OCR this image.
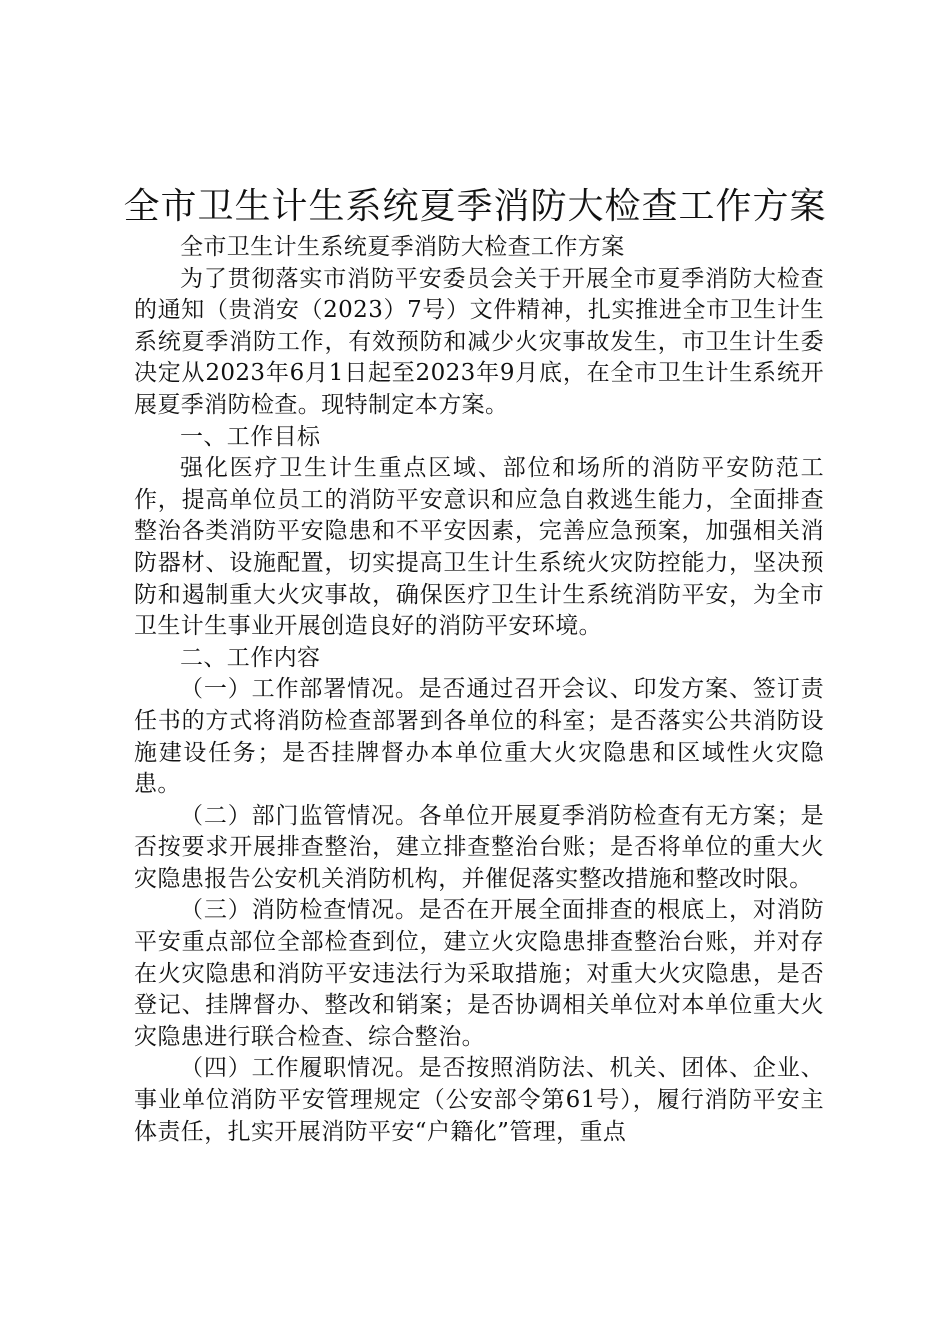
全市卫生计生系统夏季消防大检查工作方案

全市卫生计生系统夏季消防大检查工作方案

为了贯彻落实市消防平安委员会关于开展全市夏季消防大检查的通知（贵消安（2023）7号）文件精神，扎实推进全市卫生计生系统夏季消防工作，有效预防和减少火灾事故发生，市卫生计生委决定从2023年6月1日起至2023年9月底，在全市卫生计生系统开展夏季消防检查。现特制定本方案。

一、工作目标

强化医疗卫生计生重点区域、部位和场所的消防平安防范工作，提高单位员工的消防平安意识和应急自救逃生能力，全面排查整治各类消防平安隐患和不平安因素，完善应急预案，加强相关消防器材、设施配置，切实提高卫生计生系统火灾防控能力，坚决预防和遏制重大火灾事故，确保医疗卫生计生系统消防平安，为全市卫生计生事业开展创造良好的消防平安环境。

二、工作内容

（一）工作部署情况。是否通过召开会议、印发方案、签订责任书的方式将消防检查部署到各单位的科室；是否落实公共消防设施建设任务；是否挂牌督办本单位重大火灾隐患和区域性火灾隐患。

（二）部门监管情况。各单位开展夏季消防检查有无方案；是否按要求开展排查整治，建立排查整治台账；是否将单位的重大火灾隐患报告公安机关消防机构，并催促落实整改措施和整改时限。

（三）消防检查情况。是否在开展全面排查的根底上，对消防平安重点部位全部检查到位，建立火灾隐患排查整治台账，并对存在火灾隐患和消防平安违法行为采取措施；对重大火灾隐患，是否登记、挂牌督办、整改和销案；是否协调相关单位对本单位重大火灾隐患进行联合检查、综合整治。

（四）工作履职情况。是否按照消防法、机关、团体、企业、事业单位消防平安管理规定（公安部令第61号），履行消防平安主体责任，扎实开展消防平安“户籍化”管理，重点
